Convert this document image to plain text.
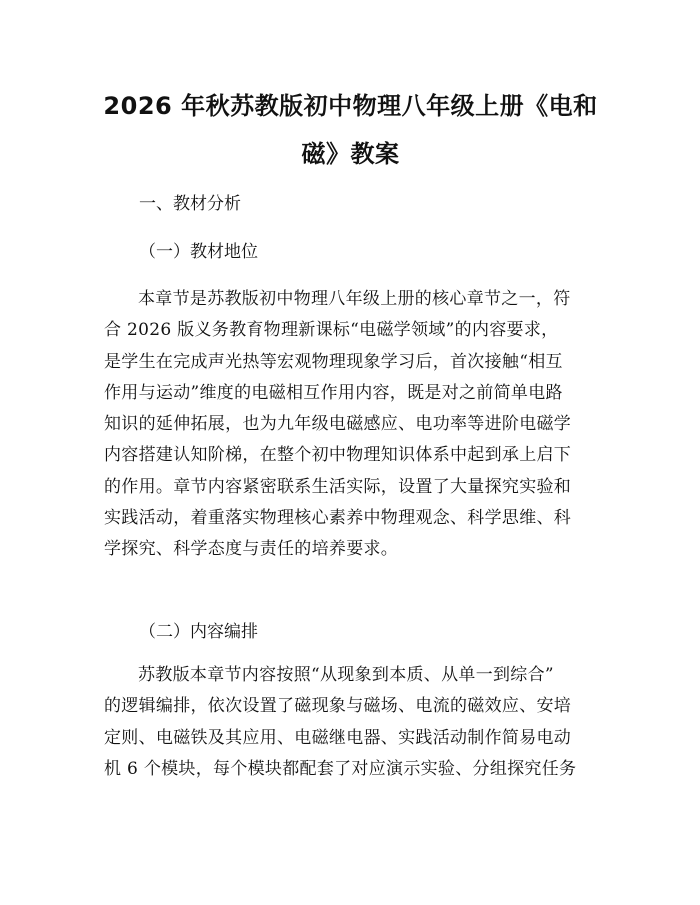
2026 年秋苏教版初中物理八年级上册《电和
磁》教案
一、教材分析
（一）教材地位
本章节是苏教版初中物理八年级上册的核心章节之一，符
合 2026 版义务教育物理新课标“电磁学领域”的内容要求，
是学生在完成声光热等宏观物理现象学习后，首次接触“相互
作用与运动”维度的电磁相互作用内容，既是对之前简单电路
知识的延伸拓展，也为九年级电磁感应、电功率等进阶电磁学
内容搭建认知阶梯，在整个初中物理知识体系中起到承上启下
的作用。章节内容紧密联系生活实际，设置了大量探究实验和
实践活动，着重落实物理核心素养中物理观念、科学思维、科
学探究、科学态度与责任的培养要求。
（二）内容编排
苏教版本章节内容按照“从现象到本质、从单一到综合”
的逻辑编排，依次设置了磁现象与磁场、电流的磁效应、安培
定则、电磁铁及其应用、电磁继电器、实践活动制作简易电动
机 6 个模块，每个模块都配套了对应演示实验、分组探究任务
